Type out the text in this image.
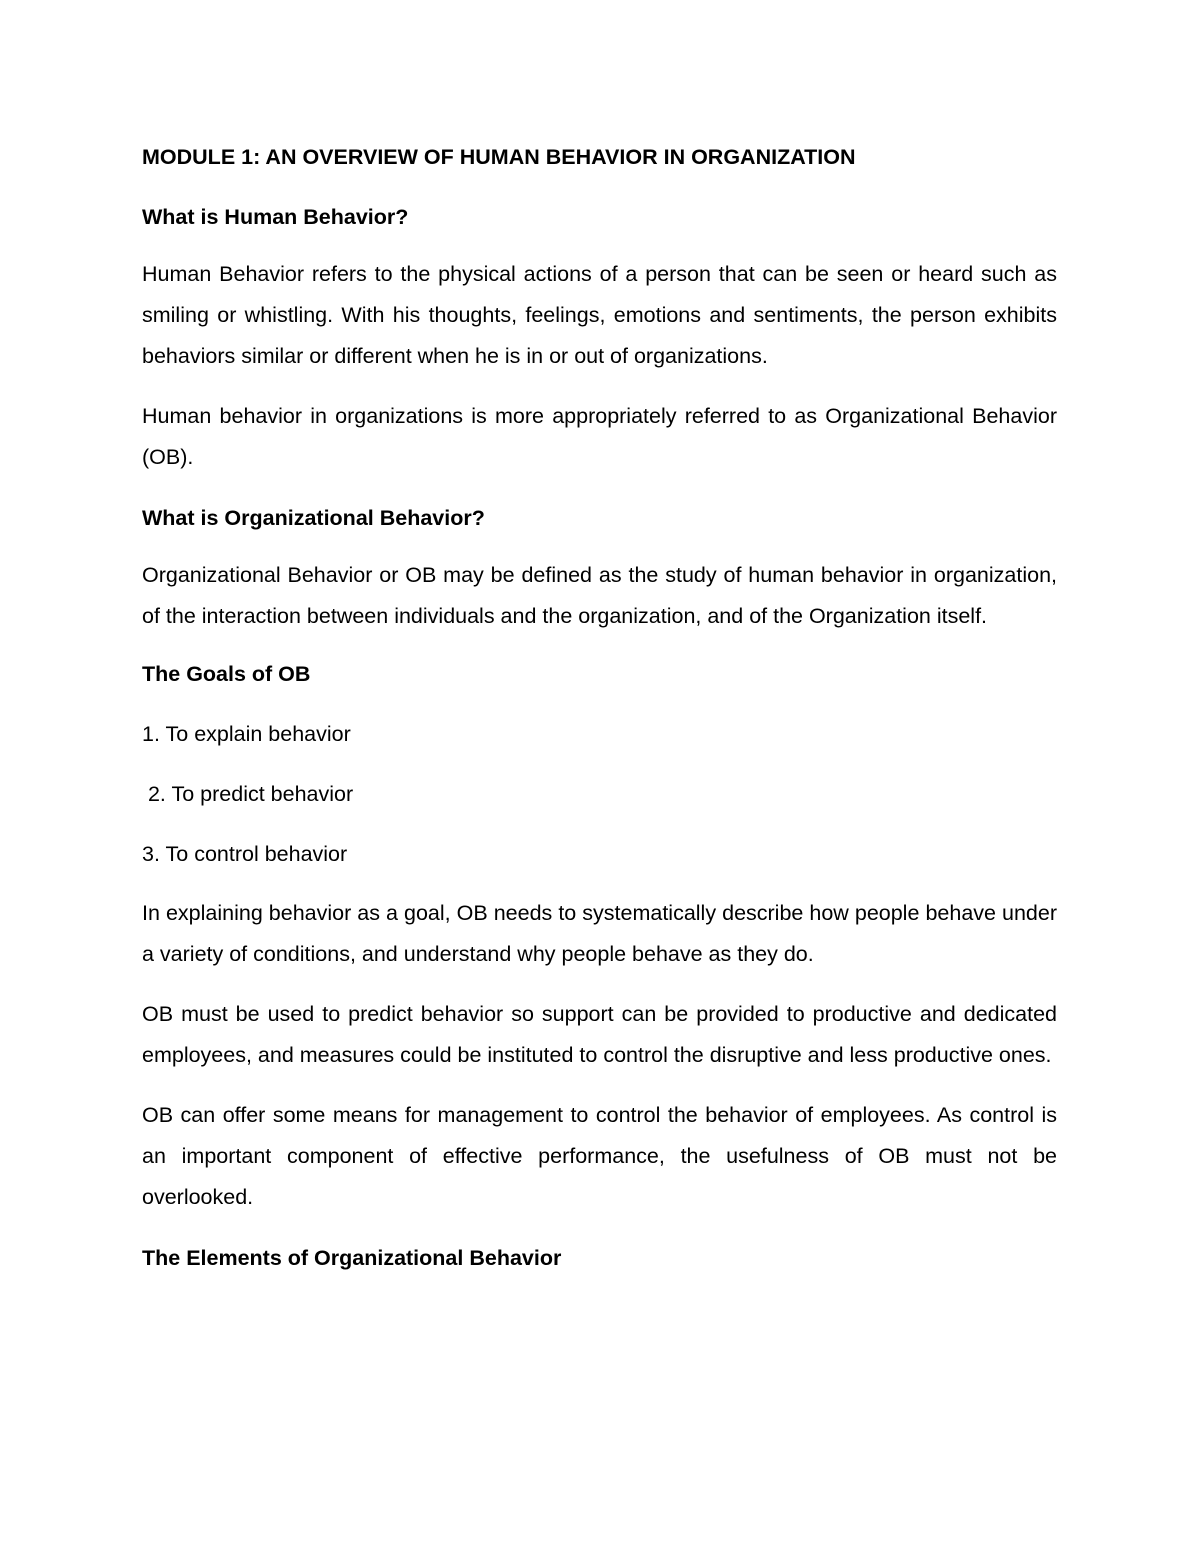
MODULE 1: AN OVERVIEW OF HUMAN BEHAVIOR IN ORGANIZATION

What is Human Behavior?

Human Behavior refers to the physical actions of a person that can be seen or heard such as smiling or whistling. With his thoughts, feelings, emotions and sentiments, the person exhibits behaviors similar or different when he is in or out of organizations.

Human behavior in organizations is more appropriately referred to as Organizational Behavior (OB).

What is Organizational Behavior?

Organizational Behavior or OB may be defined as the study of human behavior in organization, of the interaction between individuals and the organization, and of the Organization itself.

The Goals of OB

1. To explain behavior

2. To predict behavior

3. To control behavior

In explaining behavior as a goal, OB needs to systematically describe how people behave under a variety of conditions, and understand why people behave as they do.

OB must be used to predict behavior so support can be provided to productive and dedicated employees, and measures could be instituted to control the disruptive and less productive ones.

OB can offer some means for management to control the behavior of employees. As control is an important component of effective performance, the usefulness of OB must not be overlooked.

The Elements of Organizational Behavior
